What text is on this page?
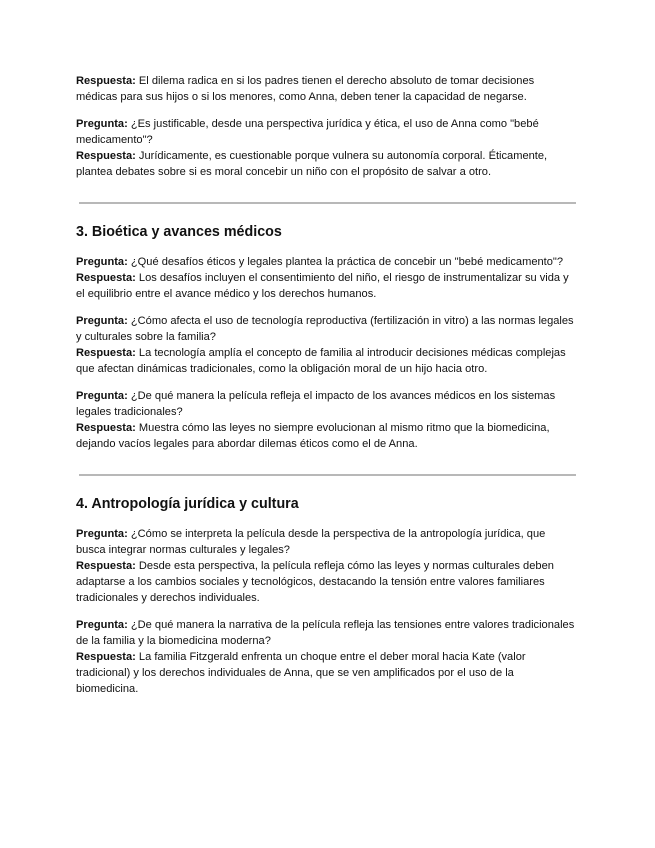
Respuesta: El dilema radica en si los padres tienen el derecho absoluto de tomar decisiones médicas para sus hijos o si los menores, como Anna, deben tener la capacidad de negarse.

Pregunta: ¿Es justificable, desde una perspectiva jurídica y ética, el uso de Anna como "bebé medicamento"?
Respuesta: Jurídicamente, es cuestionable porque vulnera su autonomía corporal. Éticamente, plantea debates sobre si es moral concebir un niño con el propósito de salvar a otro.

3. Bioética y avances médicos

Pregunta: ¿Qué desafíos éticos y legales plantea la práctica de concebir un "bebé medicamento"?
Respuesta: Los desafíos incluyen el consentimiento del niño, el riesgo de instrumentalizar su vida y el equilibrio entre el avance médico y los derechos humanos.

Pregunta: ¿Cómo afecta el uso de tecnología reproductiva (fertilización in vitro) a las normas legales y culturales sobre la familia?
Respuesta: La tecnología amplía el concepto de familia al introducir decisiones médicas complejas que afectan dinámicas tradicionales, como la obligación moral de un hijo hacia otro.

Pregunta: ¿De qué manera la película refleja el impacto de los avances médicos en los sistemas legales tradicionales?
Respuesta: Muestra cómo las leyes no siempre evolucionan al mismo ritmo que la biomedicina, dejando vacíos legales para abordar dilemas éticos como el de Anna.

4. Antropología jurídica y cultura

Pregunta: ¿Cómo se interpreta la película desde la perspectiva de la antropología jurídica, que busca integrar normas culturales y legales?
Respuesta: Desde esta perspectiva, la película refleja cómo las leyes y normas culturales deben adaptarse a los cambios sociales y tecnológicos, destacando la tensión entre valores familiares tradicionales y derechos individuales.

Pregunta: ¿De qué manera la narrativa de la película refleja las tensiones entre valores tradicionales de la familia y la biomedicina moderna?
Respuesta: La familia Fitzgerald enfrenta un choque entre el deber moral hacia Kate (valor tradicional) y los derechos individuales de Anna, que se ven amplificados por el uso de la biomedicina.
